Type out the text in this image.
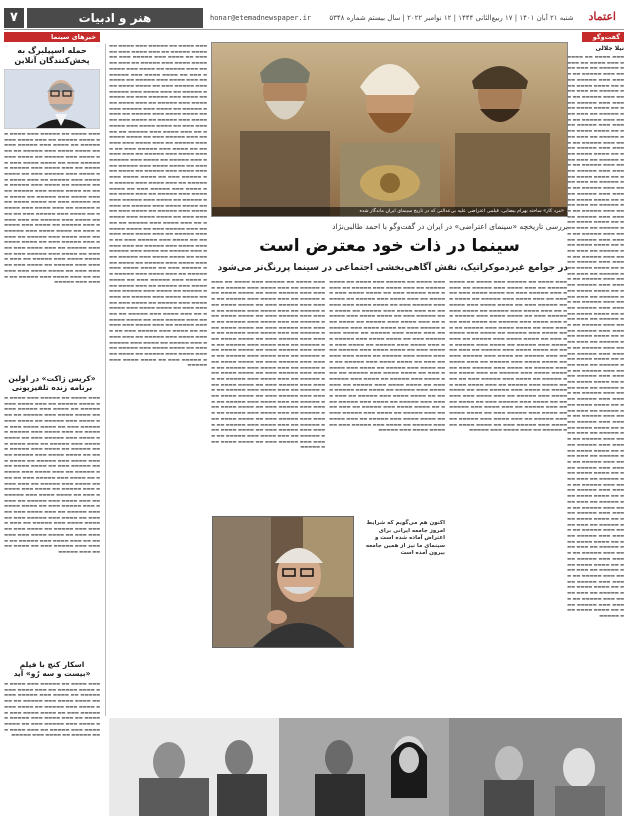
۷	هنر و ادبیات	honar@etemadnewspaper.ir	شنبه ۲۱ آبان ۱۴۰۱ | ۱۷ ربیع‌الثانی ۱۴۴۴ | ۱۲ نوامبر ۲۰۲۲ | سال بیستم شماره ۵۳۴۸	اعتماد
خبرهای سینما	گفت‌وگو
حمله اسپیلبرگ به پخش‌کنندگان آنلاین
▬▬▬ ▬▬▬▬ ▬▬ ▬▬▬▬▬ ▬▬▬ ▬▬▬▬ ▬▬ ▬▬▬▬ ▬▬▬▬▬ ▬▬ ▬▬▬ ▬▬▬▬ ▬▬▬ ▬▬▬▬▬ ▬▬ ▬▬▬▬ ▬▬▬ ▬▬▬▬▬ ▬▬▬ ▬▬ ▬▬▬▬ ▬▬▬▬ ▬▬▬ ▬▬▬▬▬ ▬▬ ▬▬▬ ▬▬▬▬ ▬▬▬ ▬▬▬▬▬ ▬▬ ▬▬▬▬ ▬▬▬ ▬▬▬▬▬ ▬▬▬ ▬▬ ▬▬▬▬ ▬▬▬▬ ▬▬▬ ▬▬▬▬▬ ▬▬ ▬▬▬ ▬▬▬▬ ▬▬▬ ▬▬▬▬▬ ▬▬ ▬▬▬▬ ▬▬▬ ▬▬▬▬▬ ▬▬▬ ▬▬ ▬▬▬▬ ▬▬▬▬ ▬▬▬ ▬▬▬▬▬ ▬▬ ▬▬▬ ▬▬▬▬ ▬▬▬ ▬▬▬▬▬ ▬▬ ▬▬▬▬ ▬▬▬ ▬▬▬▬▬ ▬▬▬ ▬▬ ▬▬▬▬ ▬▬▬▬ ▬▬▬ ▬▬▬▬▬ ▬▬ ▬▬▬ ▬▬▬▬ ▬▬▬ ▬▬▬▬▬ ▬▬ ▬▬▬▬ ▬▬▬ ▬▬▬▬▬ ▬▬▬ ▬▬ ▬▬▬▬ ▬▬▬▬ ▬▬▬ ▬▬▬▬▬ ▬▬ ▬▬▬ ▬▬▬▬ ▬▬▬ ▬▬▬▬▬ ▬▬ ▬▬▬▬ ▬▬▬ ▬▬▬▬▬ ▬▬▬ ▬▬ ▬▬▬▬ ▬▬▬▬ ▬▬▬ ▬▬▬▬▬ ▬▬ ▬▬▬ ▬▬▬▬ ▬▬▬ ▬▬▬▬▬ ▬▬ ▬▬▬▬ ▬▬▬ ▬▬▬▬▬ ▬▬▬ ▬▬ ▬▬▬▬ ▬▬▬▬ ▬▬▬ ▬▬▬▬▬ ▬▬ ▬▬▬ ▬▬▬▬ ▬▬▬ ▬▬▬▬▬ ▬▬ ▬▬▬▬ ▬▬▬ ▬▬▬▬▬ ▬▬▬ ▬▬ ▬▬▬▬ ▬▬▬▬ ▬▬▬ ▬▬▬▬▬ ▬▬ ▬▬▬ ▬▬▬▬ ▬▬▬ ▬▬▬▬▬ ▬▬ ▬▬▬▬ ▬▬▬ ▬▬▬▬▬ ▬▬▬ ▬▬ ▬▬▬▬ ▬▬▬▬ ▬▬▬ ▬▬▬▬▬ ▬▬ ▬▬▬ ▬▬▬▬ ▬▬▬ ▬▬▬▬▬ ▬▬ ▬▬▬▬ ▬▬▬ ▬▬▬▬▬ ▬▬▬ ▬▬ ▬▬▬▬ ▬▬▬▬ ▬▬▬ ▬▬▬▬▬ ▬▬ ▬▬▬ ▬▬▬▬ ▬▬▬ ▬▬▬▬▬ ▬▬ ▬▬▬▬ ▬▬▬ ▬▬▬▬▬
«کریس ژاکت» در اولین برنامه زنده تلفیزیونی
▬▬▬ ▬▬▬▬ ▬▬ ▬▬▬▬▬ ▬▬▬ ▬▬▬▬ ▬▬ ▬▬▬▬ ▬▬▬▬▬ ▬▬ ▬▬▬ ▬▬▬▬ ▬▬▬ ▬▬▬▬▬ ▬▬ ▬▬▬▬ ▬▬▬ ▬▬▬▬▬ ▬▬▬ ▬▬ ▬▬▬▬ ▬▬▬▬ ▬▬▬ ▬▬▬▬▬ ▬▬ ▬▬▬ ▬▬▬▬ ▬▬▬ ▬▬▬▬▬ ▬▬ ▬▬▬▬ ▬▬▬ ▬▬▬▬▬ ▬▬▬ ▬▬ ▬▬▬▬ ▬▬▬▬ ▬▬▬ ▬▬▬▬▬ ▬▬ ▬▬▬ ▬▬▬▬ ▬▬▬ ▬▬▬▬▬ ▬▬ ▬▬▬▬ ▬▬▬ ▬▬▬▬▬ ▬▬▬ ▬▬ ▬▬▬▬ ▬▬▬▬ ▬▬▬ ▬▬▬▬▬ ▬▬ ▬▬▬ ▬▬▬▬ ▬▬▬ ▬▬▬▬▬ ▬▬ ▬▬▬▬ ▬▬▬ ▬▬▬▬▬ ▬▬▬ ▬▬ ▬▬▬▬ ▬▬▬▬ ▬▬▬ ▬▬▬▬▬ ▬▬ ▬▬▬ ▬▬▬▬ ▬▬▬ ▬▬▬▬▬ ▬▬ ▬▬▬▬ ▬▬▬ ▬▬▬▬▬ ▬▬▬ ▬▬ ▬▬▬▬ ▬▬▬▬ ▬▬▬ ▬▬▬▬▬ ▬▬ ▬▬▬ ▬▬▬▬ ▬▬▬ ▬▬▬▬▬ ▬▬ ▬▬▬▬ ▬▬▬ ▬▬▬▬▬ ▬▬▬ ▬▬ ▬▬▬▬ ▬▬▬▬ ▬▬▬ ▬▬▬▬▬ ▬▬ ▬▬▬ ▬▬▬▬ ▬▬▬ ▬▬▬▬▬ ▬▬ ▬▬▬▬ ▬▬▬ ▬▬▬▬▬ ▬▬▬ ▬▬ ▬▬▬▬ ▬▬▬▬ ▬▬▬ ▬▬▬▬▬ ▬▬ ▬▬▬ ▬▬▬▬ ▬▬▬ ▬▬▬▬▬ ▬▬ ▬▬▬▬ ▬▬▬ ▬▬▬▬▬ ▬▬▬ ▬▬ ▬▬▬▬ ▬▬▬▬ ▬▬▬ ▬▬▬▬▬ ▬▬ ▬▬▬ ▬▬▬▬ ▬▬▬ ▬▬▬▬▬ ▬▬ ▬▬▬▬ ▬▬▬ ▬▬▬▬▬ ▬▬▬ ▬▬ ▬▬▬▬ ▬▬▬▬ ▬▬▬ ▬▬▬▬▬ ▬▬ ▬▬▬ ▬▬▬▬ ▬▬▬ ▬▬▬▬▬ ▬▬ ▬▬▬▬ ▬▬▬ ▬▬▬▬▬ ▬▬▬ ▬▬ ▬▬▬▬ ▬▬▬▬ ▬▬▬ ▬▬▬▬▬ ▬▬ ▬▬▬ ▬▬▬▬ ▬▬▬ ▬▬▬▬▬ ▬▬ ▬▬▬▬ ▬▬▬ ▬▬▬▬▬ ▬▬▬ ▬▬ ▬▬▬▬ ▬▬▬▬ ▬▬▬ ▬▬▬▬▬
اسکار کنچ با فیلم «بیست و سه رُو» آید
▬▬▬ ▬▬▬▬ ▬▬ ▬▬▬▬▬ ▬▬▬ ▬▬▬▬ ▬▬ ▬▬▬▬ ▬▬▬▬▬ ▬▬ ▬▬▬ ▬▬▬▬ ▬▬▬ ▬▬▬▬▬ ▬▬ ▬▬▬▬ ▬▬▬ ▬▬▬▬▬ ▬▬▬ ▬▬ ▬▬▬▬ ▬▬▬▬ ▬▬▬ ▬▬▬▬▬ ▬▬ ▬▬▬ ▬▬▬▬ ▬▬▬ ▬▬▬▬▬ ▬▬ ▬▬▬▬ ▬▬▬ ▬▬▬▬▬ ▬▬▬ ▬▬ ▬▬▬▬ ▬▬▬▬ ▬▬▬ ▬▬▬▬▬ ▬▬ ▬▬▬ ▬▬▬▬ ▬▬▬ ▬▬▬▬▬ ▬▬ ▬▬▬▬ ▬▬▬ ▬▬▬▬▬ ▬▬▬ ▬▬ ▬▬▬▬ ▬▬▬▬ ▬▬▬ ▬▬▬▬▬ ▬▬ ▬▬▬ ▬▬▬▬ ▬▬▬ ▬▬▬▬▬ ▬▬ ▬▬▬▬ ▬▬▬ ▬▬▬▬▬
«مرد کار» ساخته بهرام بیضایی، فیلمی اعتراضی علیه بی‌عدالتی که در تاریخ سینمای ایران ماندگار شده
بررسی تاریخچه «سینمای اعتراضی» در ایران در گفت‌وگو با احمد طالبی‌نژاد
سینما در ذات خود معترض است
در جوامع غیردموکراتیک، نقش آگاهی‌بخشی اجتماعی در سینما پررنگ‌تر می‌شود
▬▬▬ ▬▬▬▬ ▬▬ ▬▬▬▬▬ ▬▬▬ ▬▬▬▬ ▬▬ ▬▬▬▬ ▬▬▬▬▬ ▬▬ ▬▬▬ ▬▬▬▬ ▬▬▬ ▬▬▬▬▬ ▬▬ ▬▬▬▬ ▬▬▬ ▬▬▬▬▬ ▬▬▬ ▬▬ ▬▬▬▬ ▬▬▬▬ ▬▬▬ ▬▬▬▬▬ ▬▬ ▬▬▬ ▬▬▬▬ ▬▬▬ ▬▬▬▬▬ ▬▬ ▬▬▬▬ ▬▬▬ ▬▬▬▬▬ ▬▬▬ ▬▬ ▬▬▬▬ ▬▬▬▬ ▬▬▬ ▬▬▬▬▬ ▬▬ ▬▬▬ ▬▬▬▬ ▬▬▬ ▬▬▬▬▬ ▬▬ ▬▬▬▬ ▬▬▬ ▬▬▬▬▬ ▬▬▬ ▬▬ ▬▬▬▬ ▬▬▬▬ ▬▬▬ ▬▬▬▬▬ ▬▬ ▬▬▬ ▬▬▬▬ ▬▬▬ ▬▬▬▬▬ ▬▬ ▬▬▬▬ ▬▬▬ ▬▬▬▬▬ ▬▬▬ ▬▬ ▬▬▬▬ ▬▬▬▬ ▬▬▬ ▬▬▬▬▬ ▬▬ ▬▬▬ ▬▬▬▬ ▬▬▬ ▬▬▬▬▬ ▬▬ ▬▬▬▬ ▬▬▬ ▬▬▬▬▬ ▬▬▬ ▬▬ ▬▬▬▬ ▬▬▬▬ ▬▬▬ ▬▬▬▬▬ ▬▬ ▬▬▬ ▬▬▬▬ ▬▬▬ ▬▬▬▬▬ ▬▬ ▬▬▬▬ ▬▬▬ ▬▬▬▬▬ ▬▬▬ ▬▬ ▬▬▬▬ ▬▬▬▬ ▬▬▬ ▬▬▬▬▬ ▬▬ ▬▬▬ ▬▬▬▬ ▬▬▬ ▬▬▬▬▬ ▬▬ ▬▬▬▬ ▬▬▬ ▬▬▬▬▬ ▬▬▬ ▬▬ ▬▬▬▬ ▬▬▬▬ ▬▬▬ ▬▬▬▬▬ ▬▬ ▬▬▬ ▬▬▬▬ ▬▬▬ ▬▬▬▬▬ ▬▬ ▬▬▬▬ ▬▬▬ ▬▬▬▬▬ ▬▬▬ ▬▬ ▬▬▬▬ ▬▬▬▬ ▬▬▬ ▬▬▬▬▬ ▬▬ ▬▬▬ ▬▬▬▬ ▬▬▬ ▬▬▬▬▬ ▬▬ ▬▬▬▬ ▬▬▬ ▬▬▬▬▬ ▬▬▬ ▬▬ ▬▬▬▬ ▬▬▬▬ ▬▬▬ ▬▬▬▬▬ ▬▬ ▬▬▬ ▬▬▬▬ ▬▬▬ ▬▬▬▬▬ ▬▬ ▬▬▬▬ ▬▬▬ ▬▬▬▬▬ ▬▬▬ ▬▬ ▬▬▬▬ ▬▬▬▬ ▬▬▬ ▬▬▬▬▬ ▬▬ ▬▬▬ ▬▬▬▬ ▬▬▬ ▬▬▬▬▬ ▬▬ ▬▬▬▬ ▬▬▬ ▬▬▬▬▬ ▬▬▬ ▬▬ ▬▬▬▬ ▬▬▬▬ ▬▬▬ ▬▬▬▬▬ ▬▬ ▬▬▬ ▬▬▬▬ ▬▬▬ ▬▬▬▬▬ ▬▬ ▬▬▬▬ ▬▬▬ ▬▬▬▬▬ ▬▬▬ ▬▬ ▬▬▬▬ ▬▬▬▬ ▬▬▬ ▬▬▬▬▬ ▬▬ ▬▬▬ ▬▬▬▬ ▬▬▬ ▬▬▬▬▬ ▬▬ ▬▬▬▬ ▬▬▬ ▬▬▬▬▬ ▬▬▬ ▬▬ ▬▬▬▬ ▬▬▬▬ ▬▬▬ ▬▬▬▬▬ ▬▬ ▬▬▬ ▬▬▬▬ ▬▬▬ ▬▬▬▬▬ ▬▬ ▬▬▬▬ ▬▬▬ ▬▬▬▬▬ ▬▬▬ ▬▬ ▬▬▬▬ ▬▬▬▬ ▬▬▬ ▬▬▬▬▬ ▬▬ ▬▬▬ ▬▬▬▬ ▬▬▬ ▬▬▬▬▬ ▬▬ ▬▬▬▬ ▬▬▬ ▬▬▬▬▬ ▬▬▬ ▬▬ ▬▬▬▬ ▬▬▬▬ ▬▬▬ ▬▬▬▬▬ ▬▬ ▬▬▬ ▬▬▬▬ ▬▬▬ ▬▬▬▬▬ ▬▬ ▬▬▬▬ ▬▬▬ ▬▬▬▬▬ ▬▬▬ ▬▬ ▬▬▬▬ ▬▬▬▬ ▬▬▬ ▬▬▬▬▬ ▬▬ ▬▬▬ ▬▬▬▬ ▬▬▬ ▬▬▬▬▬ ▬▬ ▬▬▬▬ ▬▬▬ ▬▬▬▬▬ ▬▬▬ ▬▬ ▬▬▬▬ ▬▬▬▬ ▬▬▬ ▬▬▬▬▬ ▬▬ ▬▬▬ ▬▬▬▬ ▬▬▬ ▬▬▬▬▬ ▬▬ ▬▬▬▬ ▬▬▬ ▬▬▬▬▬ ▬▬▬ ▬▬ ▬▬▬▬ ▬▬▬▬ ▬▬▬ ▬▬▬▬▬ ▬▬ ▬▬▬ ▬▬▬▬ ▬▬▬ ▬▬▬▬▬ ▬▬ ▬▬▬▬ ▬▬▬ ▬▬▬▬▬ ▬▬▬ ▬▬ ▬▬▬▬ ▬▬▬▬ ▬▬▬ ▬▬▬▬▬ ▬▬ ▬▬▬ ▬▬▬▬ ▬▬▬ ▬▬▬▬▬ ▬▬ ▬▬▬▬ ▬▬▬ ▬▬▬▬▬ ▬▬▬ ▬▬ ▬▬▬▬ ▬▬▬▬ ▬▬▬ ▬▬▬▬▬ ▬▬ ▬▬▬ ▬▬▬▬ ▬▬▬ ▬▬▬▬▬ ▬▬ ▬▬▬▬ ▬▬▬ ▬▬▬▬▬ ▬▬▬ ▬▬ ▬▬▬▬ ▬▬▬▬ ▬▬▬ ▬▬▬▬▬ ▬▬ ▬▬▬ ▬▬▬▬ ▬▬▬ ▬▬▬▬▬ ▬▬ ▬▬▬▬ ▬▬▬ ▬▬▬▬▬ ▬▬▬ ▬▬ ▬▬▬▬ ▬▬▬▬ ▬▬▬ ▬▬▬▬▬ ▬▬ ▬▬▬ ▬▬▬▬ ▬▬▬ ▬▬▬▬▬ ▬▬ ▬▬▬▬ ▬▬▬ ▬▬▬▬▬ ▬▬▬ ▬▬ ▬▬▬▬ ▬▬▬▬ ▬▬▬ ▬▬▬▬▬ ▬▬ ▬▬▬ ▬▬▬▬ ▬▬▬ ▬▬▬▬▬ ▬▬ ▬▬▬▬ ▬▬▬ ▬▬▬▬▬ ▬▬▬ ▬▬ ▬▬▬▬ ▬▬▬▬ ▬▬▬ ▬▬▬▬▬
▬▬▬ ▬▬▬▬ ▬▬ ▬▬▬▬▬ ▬▬▬ ▬▬▬▬ ▬▬ ▬▬▬▬ ▬▬▬▬▬ ▬▬ ▬▬▬ ▬▬▬▬ ▬▬▬ ▬▬▬▬▬ ▬▬ ▬▬▬▬ ▬▬▬ ▬▬▬▬▬ ▬▬▬ ▬▬ ▬▬▬▬ ▬▬▬▬ ▬▬▬ ▬▬▬▬▬ ▬▬ ▬▬▬ ▬▬▬▬ ▬▬▬ ▬▬▬▬▬ ▬▬ ▬▬▬▬ ▬▬▬ ▬▬▬▬▬ ▬▬▬ ▬▬ ▬▬▬▬ ▬▬▬▬ ▬▬▬ ▬▬▬▬▬ ▬▬ ▬▬▬ ▬▬▬▬ ▬▬▬ ▬▬▬▬▬ ▬▬ ▬▬▬▬ ▬▬▬ ▬▬▬▬▬ ▬▬▬ ▬▬ ▬▬▬▬ ▬▬▬▬ ▬▬▬ ▬▬▬▬▬ ▬▬ ▬▬▬ ▬▬▬▬ ▬▬▬ ▬▬▬▬▬ ▬▬ ▬▬▬▬ ▬▬▬ ▬▬▬▬▬ ▬▬▬ ▬▬ ▬▬▬▬ ▬▬▬▬ ▬▬▬ ▬▬▬▬▬ ▬▬ ▬▬▬ ▬▬▬▬ ▬▬▬ ▬▬▬▬▬ ▬▬ ▬▬▬▬ ▬▬▬ ▬▬▬▬▬ ▬▬▬ ▬▬ ▬▬▬▬ ▬▬▬▬ ▬▬▬ ▬▬▬▬▬ ▬▬ ▬▬▬ ▬▬▬▬ ▬▬▬ ▬▬▬▬▬ ▬▬ ▬▬▬▬ ▬▬▬ ▬▬▬▬▬ ▬▬▬ ▬▬ ▬▬▬▬ ▬▬▬▬ ▬▬▬ ▬▬▬▬▬ ▬▬ ▬▬▬ ▬▬▬▬ ▬▬▬ ▬▬▬▬▬ ▬▬ ▬▬▬▬ ▬▬▬ ▬▬▬▬▬ ▬▬▬ ▬▬ ▬▬▬▬ ▬▬▬▬ ▬▬▬ ▬▬▬▬▬ ▬▬ ▬▬▬ ▬▬▬▬ ▬▬▬ ▬▬▬▬▬ ▬▬ ▬▬▬▬ ▬▬▬ ▬▬▬▬▬ ▬▬▬ ▬▬ ▬▬▬▬ ▬▬▬▬ ▬▬▬ ▬▬▬▬▬ ▬▬ ▬▬▬ ▬▬▬▬ ▬▬▬ ▬▬▬▬▬ ▬▬ ▬▬▬▬ ▬▬▬ ▬▬▬▬▬ ▬▬▬ ▬▬ ▬▬▬▬ ▬▬▬▬ ▬▬▬ ▬▬▬▬▬ ▬▬ ▬▬▬ ▬▬▬▬ ▬▬▬ ▬▬▬▬▬ ▬▬ ▬▬▬▬ ▬▬▬ ▬▬▬▬▬ ▬▬▬ ▬▬ ▬▬▬▬ ▬▬▬▬ ▬▬▬ ▬▬▬▬▬ ▬▬ ▬▬▬ ▬▬▬▬ ▬▬▬ ▬▬▬▬▬ ▬▬ ▬▬▬▬ ▬▬▬ ▬▬▬▬▬ ▬▬▬ ▬▬ ▬▬▬▬ ▬▬▬▬ ▬▬▬ ▬▬▬▬▬ ▬▬ ▬▬▬ ▬▬▬▬ ▬▬▬ ▬▬▬▬▬ ▬▬ ▬▬▬▬ ▬▬▬ ▬▬▬▬▬ ▬▬▬ ▬▬ ▬▬▬▬ ▬▬▬▬ ▬▬▬ ▬▬▬▬▬ ▬▬ ▬▬▬ ▬▬▬▬ ▬▬▬ ▬▬▬▬▬ ▬▬ ▬▬▬▬ ▬▬▬ ▬▬▬▬▬ ▬▬▬ ▬▬ ▬▬▬▬ ▬▬▬▬ ▬▬▬ ▬▬▬▬▬ ▬▬ ▬▬▬ ▬▬▬▬ ▬▬▬ ▬▬▬▬▬ ▬▬ ▬▬▬▬ ▬▬▬ ▬▬▬▬▬ ▬▬▬ ▬▬ ▬▬▬▬ ▬▬▬▬ ▬▬▬ ▬▬▬▬▬
▬▬▬ ▬▬▬▬ ▬▬ ▬▬▬▬▬ ▬▬▬ ▬▬▬▬ ▬▬ ▬▬▬▬ ▬▬▬▬▬ ▬▬ ▬▬▬ ▬▬▬▬ ▬▬▬ ▬▬▬▬▬ ▬▬ ▬▬▬▬ ▬▬▬ ▬▬▬▬▬ ▬▬▬ ▬▬ ▬▬▬▬ ▬▬▬▬ ▬▬▬ ▬▬▬▬▬ ▬▬ ▬▬▬ ▬▬▬▬ ▬▬▬ ▬▬▬▬▬ ▬▬ ▬▬▬▬ ▬▬▬ ▬▬▬▬▬ ▬▬▬ ▬▬ ▬▬▬▬ ▬▬▬▬ ▬▬▬ ▬▬▬▬▬ ▬▬ ▬▬▬ ▬▬▬▬ ▬▬▬ ▬▬▬▬▬ ▬▬ ▬▬▬▬ ▬▬▬ ▬▬▬▬▬ ▬▬▬ ▬▬ ▬▬▬▬ ▬▬▬▬ ▬▬▬ ▬▬▬▬▬ ▬▬ ▬▬▬ ▬▬▬▬ ▬▬▬ ▬▬▬▬▬ ▬▬ ▬▬▬▬ ▬▬▬ ▬▬▬▬▬ ▬▬▬ ▬▬ ▬▬▬▬ ▬▬▬▬ ▬▬▬ ▬▬▬▬▬ ▬▬ ▬▬▬ ▬▬▬▬ ▬▬▬ ▬▬▬▬▬ ▬▬ ▬▬▬▬ ▬▬▬ ▬▬▬▬▬ ▬▬▬ ▬▬ ▬▬▬▬ ▬▬▬▬ ▬▬▬ ▬▬▬▬▬ ▬▬ ▬▬▬ ▬▬▬▬ ▬▬▬ ▬▬▬▬▬ ▬▬ ▬▬▬▬ ▬▬▬ ▬▬▬▬▬ ▬▬▬ ▬▬ ▬▬▬▬ ▬▬▬▬ ▬▬▬ ▬▬▬▬▬ ▬▬ ▬▬▬ ▬▬▬▬ ▬▬▬ ▬▬▬▬▬ ▬▬ ▬▬▬▬ ▬▬▬ ▬▬▬▬▬ ▬▬▬ ▬▬ ▬▬▬▬ ▬▬▬▬ ▬▬▬ ▬▬▬▬▬ ▬▬ ▬▬▬ ▬▬▬▬ ▬▬▬ ▬▬▬▬▬ ▬▬ ▬▬▬▬ ▬▬▬ ▬▬▬▬▬ ▬▬▬ ▬▬ ▬▬▬▬ ▬▬▬▬ ▬▬▬ ▬▬▬▬▬ ▬▬ ▬▬▬ ▬▬▬▬ ▬▬▬ ▬▬▬▬▬ ▬▬ ▬▬▬▬ ▬▬▬ ▬▬▬▬▬ ▬▬▬ ▬▬ ▬▬▬▬ ▬▬▬▬ ▬▬▬ ▬▬▬▬▬ ▬▬ ▬▬▬ ▬▬▬▬ ▬▬▬ ▬▬▬▬▬ ▬▬ ▬▬▬▬ ▬▬▬ ▬▬▬▬▬ ▬▬▬ ▬▬ ▬▬▬▬ ▬▬▬▬ ▬▬▬ ▬▬▬▬▬ ▬▬ ▬▬▬ ▬▬▬▬ ▬▬▬ ▬▬▬▬▬ ▬▬ ▬▬▬▬ ▬▬▬ ▬▬▬▬▬ ▬▬▬ ▬▬ ▬▬▬▬ ▬▬▬▬ ▬▬▬ ▬▬▬▬▬ ▬▬ ▬▬▬ ▬▬▬▬ ▬▬▬ ▬▬▬▬▬ ▬▬ ▬▬▬▬ ▬▬▬ ▬▬▬▬▬ ▬▬▬ ▬▬ ▬▬▬▬ ▬▬▬▬ ▬▬▬ ▬▬▬▬▬ ▬▬ ▬▬▬ ▬▬▬▬ ▬▬▬ ▬▬▬▬▬ ▬▬ ▬▬▬▬ ▬▬▬ ▬▬▬▬▬ ▬▬▬ ▬▬ ▬▬▬▬ ▬▬▬▬ ▬▬▬ ▬▬▬▬▬
▬▬▬ ▬▬▬▬ ▬▬ ▬▬▬▬▬ ▬▬▬ ▬▬▬▬ ▬▬ ▬▬▬▬ ▬▬▬▬▬ ▬▬ ▬▬▬ ▬▬▬▬ ▬▬▬ ▬▬▬▬▬ ▬▬ ▬▬▬▬ ▬▬▬ ▬▬▬▬▬ ▬▬▬ ▬▬ ▬▬▬▬ ▬▬▬▬ ▬▬▬ ▬▬▬▬▬ ▬▬ ▬▬▬ ▬▬▬▬ ▬▬▬ ▬▬▬▬▬ ▬▬ ▬▬▬▬ ▬▬▬ ▬▬▬▬▬ ▬▬▬ ▬▬ ▬▬▬▬ ▬▬▬▬ ▬▬▬ ▬▬▬▬▬ ▬▬ ▬▬▬ ▬▬▬▬ ▬▬▬ ▬▬▬▬▬ ▬▬ ▬▬▬▬ ▬▬▬ ▬▬▬▬▬ ▬▬▬ ▬▬ ▬▬▬▬ ▬▬▬▬ ▬▬▬ ▬▬▬▬▬ ▬▬ ▬▬▬ ▬▬▬▬ ▬▬▬ ▬▬▬▬▬ ▬▬ ▬▬▬▬ ▬▬▬ ▬▬▬▬▬ ▬▬▬ ▬▬ ▬▬▬▬ ▬▬▬▬ ▬▬▬ ▬▬▬▬▬ ▬▬ ▬▬▬ ▬▬▬▬ ▬▬▬ ▬▬▬▬▬ ▬▬ ▬▬▬▬ ▬▬▬ ▬▬▬▬▬ ▬▬▬ ▬▬ ▬▬▬▬ ▬▬▬▬ ▬▬▬ ▬▬▬▬▬ ▬▬ ▬▬▬ ▬▬▬▬ ▬▬▬ ▬▬▬▬▬ ▬▬ ▬▬▬▬ ▬▬▬ ▬▬▬▬▬ ▬▬▬ ▬▬ ▬▬▬▬ ▬▬▬▬ ▬▬▬ ▬▬▬▬▬ ▬▬ ▬▬▬ ▬▬▬▬ ▬▬▬ ▬▬▬▬▬ ▬▬ ▬▬▬▬ ▬▬▬ ▬▬▬▬▬ ▬▬▬ ▬▬ ▬▬▬▬ ▬▬▬▬ ▬▬▬ ▬▬▬▬▬ ▬▬ ▬▬▬ ▬▬▬▬ ▬▬▬ ▬▬▬▬▬ ▬▬ ▬▬▬▬ ▬▬▬ ▬▬▬▬▬ ▬▬▬ ▬▬ ▬▬▬▬ ▬▬▬▬ ▬▬▬ ▬▬▬▬▬ ▬▬ ▬▬▬ ▬▬▬▬ ▬▬▬ ▬▬▬▬▬ ▬▬ ▬▬▬▬ ▬▬▬ ▬▬▬▬▬ ▬▬▬ ▬▬ ▬▬▬▬ ▬▬▬▬ ▬▬▬ ▬▬▬▬▬ ▬▬ ▬▬▬ ▬▬▬▬ ▬▬▬ ▬▬▬▬▬ ▬▬ ▬▬▬▬ ▬▬▬ ▬▬▬▬▬ ▬▬▬ ▬▬ ▬▬▬▬ ▬▬▬▬ ▬▬▬ ▬▬▬▬▬ ▬▬ ▬▬▬ ▬▬▬▬ ▬▬▬ ▬▬▬▬▬ ▬▬ ▬▬▬▬ ▬▬▬ ▬▬▬▬▬ ▬▬▬ ▬▬ ▬▬▬▬ ▬▬▬▬ ▬▬▬ ▬▬▬▬▬ ▬▬ ▬▬▬ ▬▬▬▬ ▬▬▬ ▬▬▬▬▬ ▬▬ ▬▬▬▬ ▬▬▬ ▬▬▬▬▬ ▬▬▬ ▬▬ ▬▬▬▬ ▬▬▬▬ ▬▬▬ ▬▬▬▬▬ ▬▬ ▬▬▬ ▬▬▬▬ ▬▬▬ ▬▬▬▬▬ ▬▬ ▬▬▬▬ ▬▬▬ ▬▬▬▬▬ ▬▬▬ ▬▬ ▬▬▬▬ ▬▬▬▬ ▬▬▬ ▬▬▬▬▬ ▬▬ ▬▬▬ ▬▬▬▬ ▬▬▬ ▬▬▬▬▬
نیلا جلالی
▬▬▬ ▬▬▬▬ ▬▬ ▬▬▬▬▬ ▬▬▬ ▬▬▬▬ ▬▬ ▬▬▬▬ ▬▬▬▬▬ ▬▬ ▬▬▬ ▬▬▬▬ ▬▬▬ ▬▬▬▬▬ ▬▬ ▬▬▬▬ ▬▬▬ ▬▬▬▬▬ ▬▬▬ ▬▬ ▬▬▬▬ ▬▬▬▬ ▬▬▬ ▬▬▬▬▬ ▬▬ ▬▬▬ ▬▬▬▬ ▬▬▬ ▬▬▬▬▬ ▬▬ ▬▬▬▬ ▬▬▬ ▬▬▬▬▬ ▬▬▬ ▬▬ ▬▬▬▬ ▬▬▬▬ ▬▬▬ ▬▬▬▬▬ ▬▬ ▬▬▬ ▬▬▬▬ ▬▬▬ ▬▬▬▬▬ ▬▬ ▬▬▬▬ ▬▬▬ ▬▬▬▬▬ ▬▬▬ ▬▬ ▬▬▬▬ ▬▬▬▬ ▬▬▬ ▬▬▬▬▬ ▬▬ ▬▬▬ ▬▬▬▬ ▬▬▬ ▬▬▬▬▬ ▬▬ ▬▬▬▬ ▬▬▬ ▬▬▬▬▬ ▬▬▬ ▬▬ ▬▬▬▬ ▬▬▬▬ ▬▬▬ ▬▬▬▬▬ ▬▬ ▬▬▬ ▬▬▬▬ ▬▬▬ ▬▬▬▬▬ ▬▬ ▬▬▬▬ ▬▬▬ ▬▬▬▬▬ ▬▬▬ ▬▬ ▬▬▬▬ ▬▬▬▬ ▬▬▬ ▬▬▬▬▬ ▬▬ ▬▬▬ ▬▬▬▬ ▬▬▬ ▬▬▬▬▬ ▬▬ ▬▬▬▬ ▬▬▬ ▬▬▬▬▬ ▬▬▬ ▬▬ ▬▬▬▬ ▬▬▬▬ ▬▬▬ ▬▬▬▬▬ ▬▬ ▬▬▬ ▬▬▬▬ ▬▬▬ ▬▬▬▬▬ ▬▬ ▬▬▬▬ ▬▬▬ ▬▬▬▬▬ ▬▬▬ ▬▬ ▬▬▬▬ ▬▬▬▬ ▬▬▬ ▬▬▬▬▬ ▬▬ ▬▬▬ ▬▬▬▬ ▬▬▬ ▬▬▬▬▬ ▬▬ ▬▬▬▬ ▬▬▬ ▬▬▬▬▬ ▬▬▬ ▬▬ ▬▬▬▬ ▬▬▬▬ ▬▬▬ ▬▬▬▬▬ ▬▬ ▬▬▬ ▬▬▬▬ ▬▬▬ ▬▬▬▬▬ ▬▬ ▬▬▬▬ ▬▬▬ ▬▬▬▬▬ ▬▬▬ ▬▬ ▬▬▬▬ ▬▬▬▬ ▬▬▬ ▬▬▬▬▬ ▬▬ ▬▬▬ ▬▬▬▬ ▬▬▬ ▬▬▬▬▬ ▬▬ ▬▬▬▬ ▬▬▬ ▬▬▬▬▬ ▬▬▬ ▬▬ ▬▬▬▬ ▬▬▬▬ ▬▬▬ ▬▬▬▬▬ ▬▬ ▬▬▬ ▬▬▬▬ ▬▬▬ ▬▬▬▬▬ ▬▬ ▬▬▬▬ ▬▬▬ ▬▬▬▬▬ ▬▬▬ ▬▬ ▬▬▬▬ ▬▬▬▬ ▬▬▬ ▬▬▬▬▬ ▬▬ ▬▬▬ ▬▬▬▬ ▬▬▬ ▬▬▬▬▬ ▬▬ ▬▬▬▬ ▬▬▬ ▬▬▬▬▬ ▬▬▬ ▬▬ ▬▬▬▬ ▬▬▬▬ ▬▬▬ ▬▬▬▬▬ ▬▬ ▬▬▬ ▬▬▬▬ ▬▬▬ ▬▬▬▬▬ ▬▬ ▬▬▬▬ ▬▬▬ ▬▬▬▬▬ ▬▬▬ ▬▬ ▬▬▬▬ ▬▬▬▬ ▬▬▬ ▬▬▬▬▬ ▬▬ ▬▬▬ ▬▬▬▬ ▬▬▬ ▬▬▬▬▬ ▬▬ ▬▬▬▬ ▬▬▬ ▬▬▬▬▬ ▬▬▬ ▬▬ ▬▬▬▬ ▬▬▬▬ ▬▬▬ ▬▬▬▬▬ ▬▬ ▬▬▬ ▬▬▬▬ ▬▬▬ ▬▬▬▬▬ ▬▬ ▬▬▬▬ ▬▬▬ ▬▬▬▬▬ ▬▬▬ ▬▬ ▬▬▬▬ ▬▬▬▬ ▬▬▬ ▬▬▬▬▬ ▬▬ ▬▬▬ ▬▬▬▬ ▬▬▬ ▬▬▬▬▬ ▬▬ ▬▬▬▬ ▬▬▬ ▬▬▬▬▬ ▬▬▬ ▬▬ ▬▬▬▬ ▬▬▬▬ ▬▬▬ ▬▬▬▬▬ ▬▬ ▬▬▬ ▬▬▬▬ ▬▬▬ ▬▬▬▬▬ ▬▬ ▬▬▬▬ ▬▬▬ ▬▬▬▬▬ ▬▬▬ ▬▬ ▬▬▬▬ ▬▬▬▬ ▬▬▬ ▬▬▬▬▬ ▬▬ ▬▬▬ ▬▬▬▬ ▬▬▬ ▬▬▬▬▬ ▬▬ ▬▬▬▬ ▬▬▬ ▬▬▬▬▬ ▬▬▬ ▬▬ ▬▬▬▬ ▬▬▬▬ ▬▬▬ ▬▬▬▬▬ ▬▬ ▬▬▬ ▬▬▬▬ ▬▬▬ ▬▬▬▬▬ ▬▬ ▬▬▬▬ ▬▬▬ ▬▬▬▬▬ ▬▬▬ ▬▬ ▬▬▬▬ ▬▬▬▬ ▬▬▬ ▬▬▬▬▬ ▬▬ ▬▬▬ ▬▬▬▬ ▬▬▬ ▬▬▬▬▬ ▬▬ ▬▬▬▬ ▬▬▬ ▬▬▬▬▬ ▬▬▬ ▬▬ ▬▬▬▬ ▬▬▬▬ ▬▬▬ ▬▬▬▬▬ ▬▬ ▬▬▬ ▬▬▬▬ ▬▬▬ ▬▬▬▬▬ ▬▬ ▬▬▬▬ ▬▬▬ ▬▬▬▬▬ ▬▬▬ ▬▬ ▬▬▬▬ ▬▬▬▬ ▬▬▬ ▬▬▬▬▬ ▬▬ ▬▬▬ ▬▬▬▬ ▬▬▬ ▬▬▬▬▬ ▬▬ ▬▬▬▬ ▬▬▬ ▬▬▬▬▬ ▬▬▬ ▬▬ ▬▬▬▬ ▬▬▬▬ ▬▬▬ ▬▬▬▬▬ ▬▬ ▬▬▬ ▬▬▬▬ ▬▬▬ ▬▬▬▬▬ ▬▬ ▬▬▬▬ ▬▬▬ ▬▬▬▬▬ ▬▬▬ ▬▬ ▬▬▬▬ ▬▬▬▬ ▬▬▬ ▬▬▬▬▬ ▬▬ ▬▬▬ ▬▬▬▬ ▬▬▬ ▬▬▬▬▬ ▬▬ ▬▬▬▬ ▬▬▬ ▬▬▬▬▬ ▬▬▬ ▬▬ ▬▬▬▬ ▬▬▬▬ ▬▬▬ ▬▬▬▬▬
اکنون هم می‌گویم که شرایط امروز جامعه ایرانی برای اعتراض آماده شده است و سینمای ما نیز از همین جامعه بیرون آمده است
